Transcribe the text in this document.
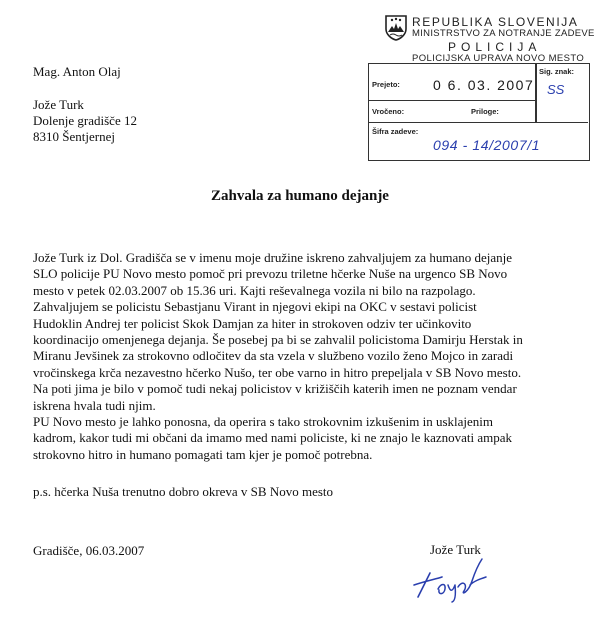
REPUBLIKA SLOVENIJA
MINISTRSTVO ZA NOTRANJE ZADEVE
POLICIJA
POLICIJSKA UPRAVA NOVO MESTO
Prejeto: 0 6. 03. 2007
Sig. znak:
SS
Vročeno:	Priloge:
Šifra zadeve:
094 - 14/2007/1
Mag. Anton Olaj
Jože Turk
Dolenje gradišče 12
8310 Šentjernej
Zahvala za humano dejanje
Jože Turk iz Dol. Gradišča se v imenu moje družine iskreno zahvaljujem za humano dejanje
SLO policije PU Novo mesto pomoč pri prevozu triletne hčerke Nuše na urgenco SB Novo
mesto v petek 02.03.2007 ob 15.36 uri. Kajti reševalnega vozila ni bilo na razpolago.
Zahvaljujem se policistu Sebastjanu Virant in njegovi ekipi na OKC v sestavi policist
Hudoklin Andrej ter policist Skok Damjan za hiter in strokoven odziv ter učinkovito
koordinacijo omenjenega dejanja. Še posebej pa bi se zahvalil policistoma Damirju Herstak in
Miranu Jevšinek za strokovno odločitev da sta vzela v službeno vozilo ženo Mojco in zaradi
vročinskega krča nezavestno hčerko Nušo, ter obe varno in hitro prepeljala v SB Novo mesto.
Na poti jima je bilo v pomoč tudi nekaj policistov v križiščih katerih imen ne poznam vendar
iskrena hvala tudi njim.
PU Novo mesto je lahko ponosna, da operira s tako strokovnim izkušenim in usklajenim
kadrom, kakor tudi mi občani da imamo med nami policiste, ki ne znajo le kaznovati ampak
strokovno hitro in humano pomagati tam kjer je pomoč potrebna.
p.s. hčerka Nuša trenutno dobro okreva v SB Novo mesto
Gradišče, 06.03.2007	Jože Turk
